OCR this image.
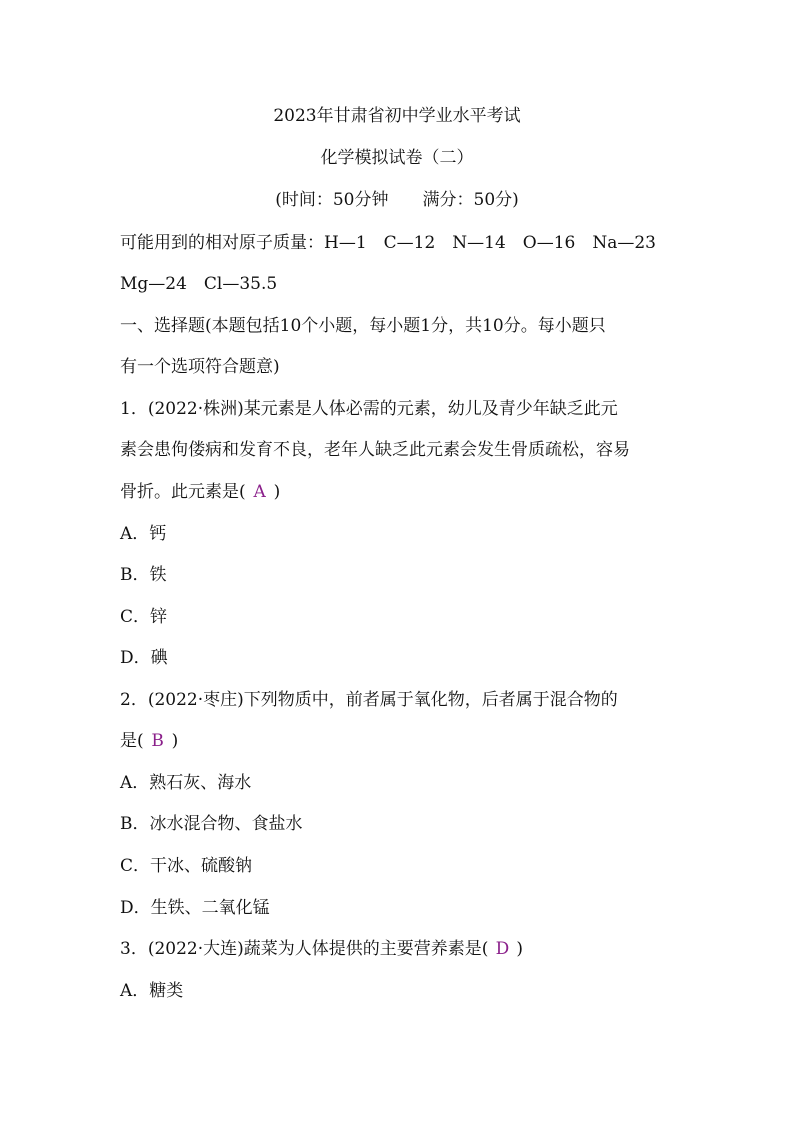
2023年甘肃省初中学业水平考试
化学模拟试卷（二）
(时间：50分钟　　满分：50分)
可能用到的相对原子质量：H—1　C—12　N—14　O—16　Na—23
Mg—24　Cl—35.5
一、选择题(本题包括10个小题，每小题1分，共10分。每小题只
有一个选项符合题意)
1．(2022·株洲)某元素是人体必需的元素，幼儿及青少年缺乏此元
素会患佝偻病和发育不良，老年人缺乏此元素会发生骨质疏松，容易
骨折。此元素是( A )
A．钙
B．铁
C．锌
D．碘
2．(2022·枣庄)下列物质中，前者属于氧化物，后者属于混合物的
是( B )
A．熟石灰、海水
B．冰水混合物、食盐水
C．干冰、硫酸钠
D．生铁、二氧化锰
3．(2022·大连)蔬菜为人体提供的主要营养素是( D )
A．糖类
